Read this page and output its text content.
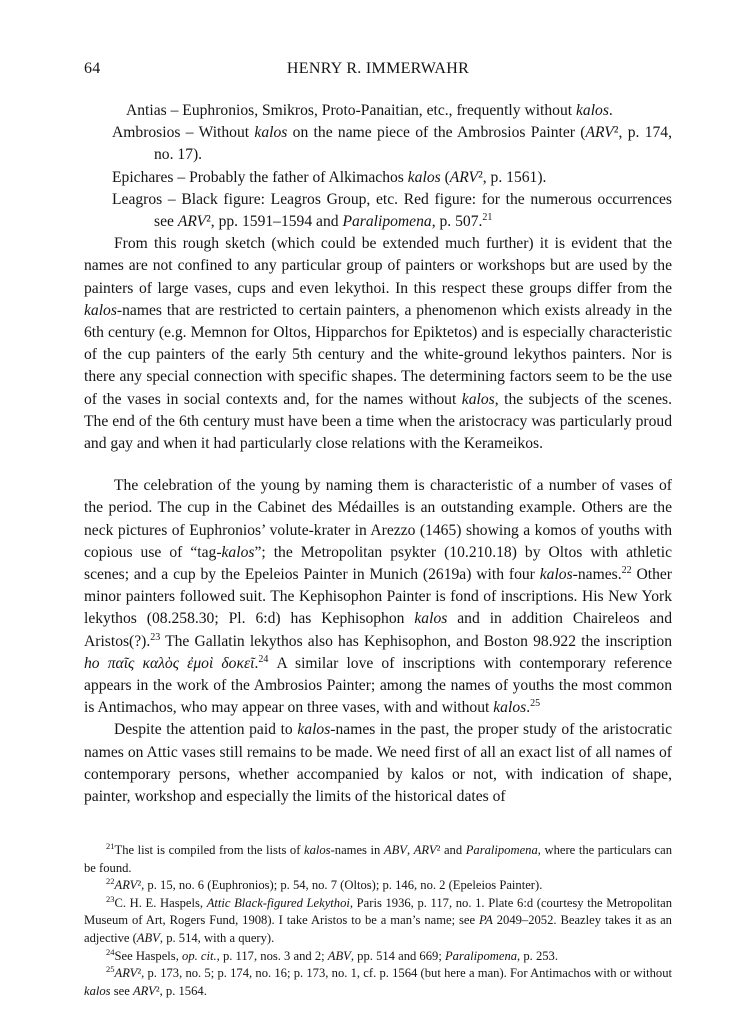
64	HENRY R. IMMERWAHR

Antias – Euphronios, Smikros, Proto-Panaitian, etc., frequently without kalos.

Ambrosios – Without kalos on the name piece of the Ambrosios Painter (ARV², p. 174, no. 17).

Epichares – Probably the father of Alkimachos kalos (ARV², p. 1561).

Leagros – Black figure: Leagros Group, etc. Red figure: for the numerous occurrences see ARV², pp. 1591–1594 and Paralipomena, p. 507.21

From this rough sketch (which could be extended much further) it is evident that the names are not confined to any particular group of painters or workshops but are used by the painters of large vases, cups and even lekythoi. In this respect these groups differ from the kalos-names that are restricted to certain painters, a phenomenon which exists already in the 6th century (e.g. Memnon for Oltos, Hipparchos for Epiktetos) and is especially characteristic of the cup painters of the early 5th century and the white-ground lekythos painters. Nor is there any special connection with specific shapes. The determining factors seem to be the use of the vases in social contexts and, for the names without kalos, the subjects of the scenes. The end of the 6th century must have been a time when the aristocracy was particularly proud and gay and when it had particularly close relations with the Kerameikos.

The celebration of the young by naming them is characteristic of a number of vases of the period. The cup in the Cabinet des Médailles is an outstanding example. Others are the neck pictures of Euphronios’ volute-krater in Arezzo (1465) showing a komos of youths with copious use of “tag-kalos”; the Metropolitan psykter (10.210.18) by Oltos with athletic scenes; and a cup by the Epeleios Painter in Munich (2619a) with four kalos-names.$^{22}$ Other minor painters followed suit. The Kephisophon Painter is fond of inscriptions. His New York lekythos (08.258.30; Pl. 6:d) has Kephisophon kalos and in addition Chaireleos and Aristos(?).$^{23}$ The Gallatin lekythos also has Kephisophon, and Boston 98.922 the inscription ho παῖς καλὸς ἐμοὶ δοκεῖ.$^{24}$ A similar love of inscriptions with contemporary reference appears in the work of the Ambrosios Painter; among the names of youths the most common is Antimachos, who may appear on three vases, with and without kalos.$^{25}$

Despite the attention paid to kalos-names in the past, the proper study of the aristocratic names on Attic vases still remains to be made. We need first of all an exact list of all names of contemporary persons, whether accompanied by kalos or not, with indication of shape, painter, workshop and especially the limits of the historical dates of

$^{21}$The list is compiled from the lists of kalos-names in ABV, ARV² and Paralipomena, where the particulars can be found.

$^{22}$ARV², p. 15, no. 6 (Euphronios); p. 54, no. 7 (Oltos); p. 146, no. 2 (Epeleios Painter).

$^{23}$C. H. E. Haspels, Attic Black-figured Lekythoi, Paris 1936, p. 117, no. 1. Plate 6:d (courtesy the Metropolitan Museum of Art, Rogers Fund, 1908). I take Aristos to be a man’s name; see PA 2049–2052. Beazley takes it as an adjective (ABV, p. 514, with a query).

$^{24}$See Haspels, op. cit., p. 117, nos. 3 and 2; ABV, pp. 514 and 669; Paralipomena, p. 253.

$^{25}$ARV², p. 173, no. 5; p. 174, no. 16; p. 173, no. 1, cf. p. 1564 (but here a man). For Antimachos with or without kalos see ARV², p. 1564.
